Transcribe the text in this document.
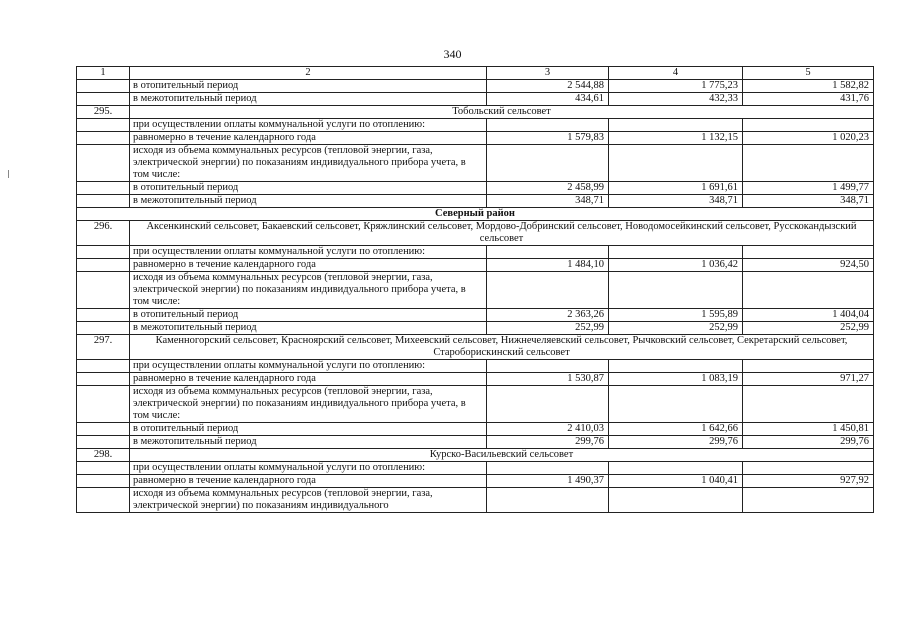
340
1	2	3	4	5
	в отопительный период	2 544,88	1 775,23	1 582,82
	в межотопительный период	434,61	432,33	431,76
295.	Тобольский сельсовет			
	при осуществлении оплаты коммунальной услуги по отоплению:			
	равномерно в течение календарного года	1 579,83	1 132,15	1 020,23
	исходя из объема коммунальных ресурсов (тепловой энергии, газа, электрической энергии) по показаниям индивидуального прибора учета, в том числе:			
	в отопительный период	2 458,99	1 691,61	1 499,77
	в межотопительный период	348,71	348,71	348,71
Северный район				
296.	Аксенкинский сельсовет, Бакаевский сельсовет, Кряжлинский сельсовет, Мордово-Добринский сельсовет, Новодомосейкинский сельсовет, Русскокандызский сельсовет			
	при осуществлении оплаты коммунальной услуги по отоплению:			
	равномерно в течение календарного года	1 484,10	1 036,42	924,50
	исходя из объема коммунальных ресурсов (тепловой энергии, газа, электрической энергии) по показаниям индивидуального прибора учета, в том числе:			
	в отопительный период	2 363,26	1 595,89	1 404,04
	в межотопительный период	252,99	252,99	252,99
297.	Каменногорский сельсовет, Красноярский сельсовет, Михеевский сельсовет, Нижнечеляевский сельсовет, Рычковский сельсовет, Секретарский сельсовет, Староборискинский сельсовет			
	при осуществлении оплаты коммунальной услуги по отоплению:			
	равномерно в течение календарного года	1 530,87	1 083,19	971,27
	исходя из объема коммунальных ресурсов (тепловой энергии, газа, электрической энергии) по показаниям индивидуального прибора учета, в том числе:			
	в отопительный период	2 410,03	1 642,66	1 450,81
	в межотопительный период	299,76	299,76	299,76
298.	Курско-Васильевский сельсовет			
	при осуществлении оплаты коммунальной услуги по отоплению:			
	равномерно в течение календарного года	1 490,37	1 040,41	927,92
	исходя из объема коммунальных ресурсов (тепловой энергии, газа, электрической энергии) по показаниям индивидуального			
